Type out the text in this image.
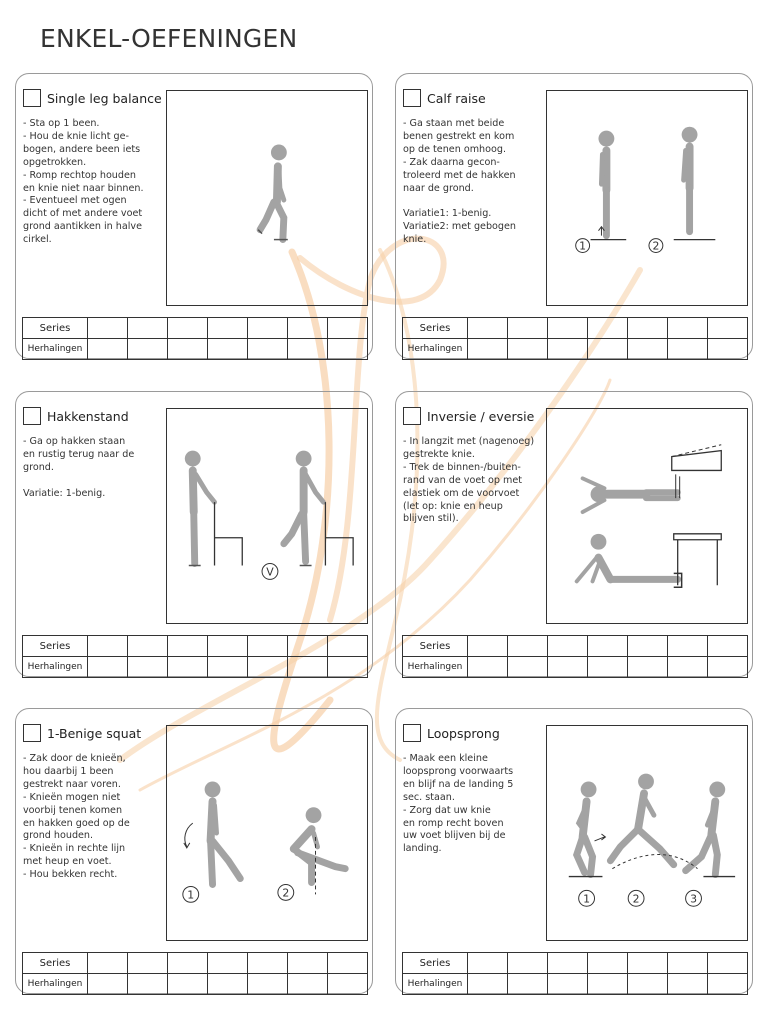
ENKEL-OEFENINGEN
Single leg balance
- Sta op 1 been.
- Hou de knie licht ge-
bogen, andere been iets
opgetrokken.
- Romp rechtop houden
en knie niet naar binnen.
- Eventueel met ogen
dicht of met andere voet
grond aantikken in halve
cirkel.
Series							
Herhalingen							
Calf raise
- Ga staan met beide
benen gestrekt en kom
op de tenen omhoog.
- Zak daarna gecon-
troleerd met de hakken
naar de grond.

Variatie1: 1-benig.
Variatie2: met gebogen
knie.	1	2
Series							
Herhalingen							
Hakkenstand
- Ga op hakken staan
en rustig terug naar de
grond.

Variatie: 1-benig.
V
Series							
Herhalingen							
Inversie / eversie
- In langzit met (nagenoeg)
gestrekte knie.
- Trek de binnen-/buiten-
rand van de voet op met
elastiek om de voorvoet
(let op: knie en heup
blijven stil).
Series							
Herhalingen							
1-Benige squat
- Zak door de knieën,
hou daarbij 1 been
gestrekt naar voren.
- Knieën mogen niet
voorbij tenen komen
en hakken goed op de
grond houden.
- Knieën in rechte lijn
met heup en voet.
- Hou bekken recht.
1	2
Series							
Herhalingen							
Loopsprong
- Maak een kleine
loopsprong voorwaarts
en blijf na de landing 5
sec. staan.
- Zorg dat uw knie
en romp recht boven
uw voet blijven bij de
landing.
1	2	3
Series							
Herhalingen							
